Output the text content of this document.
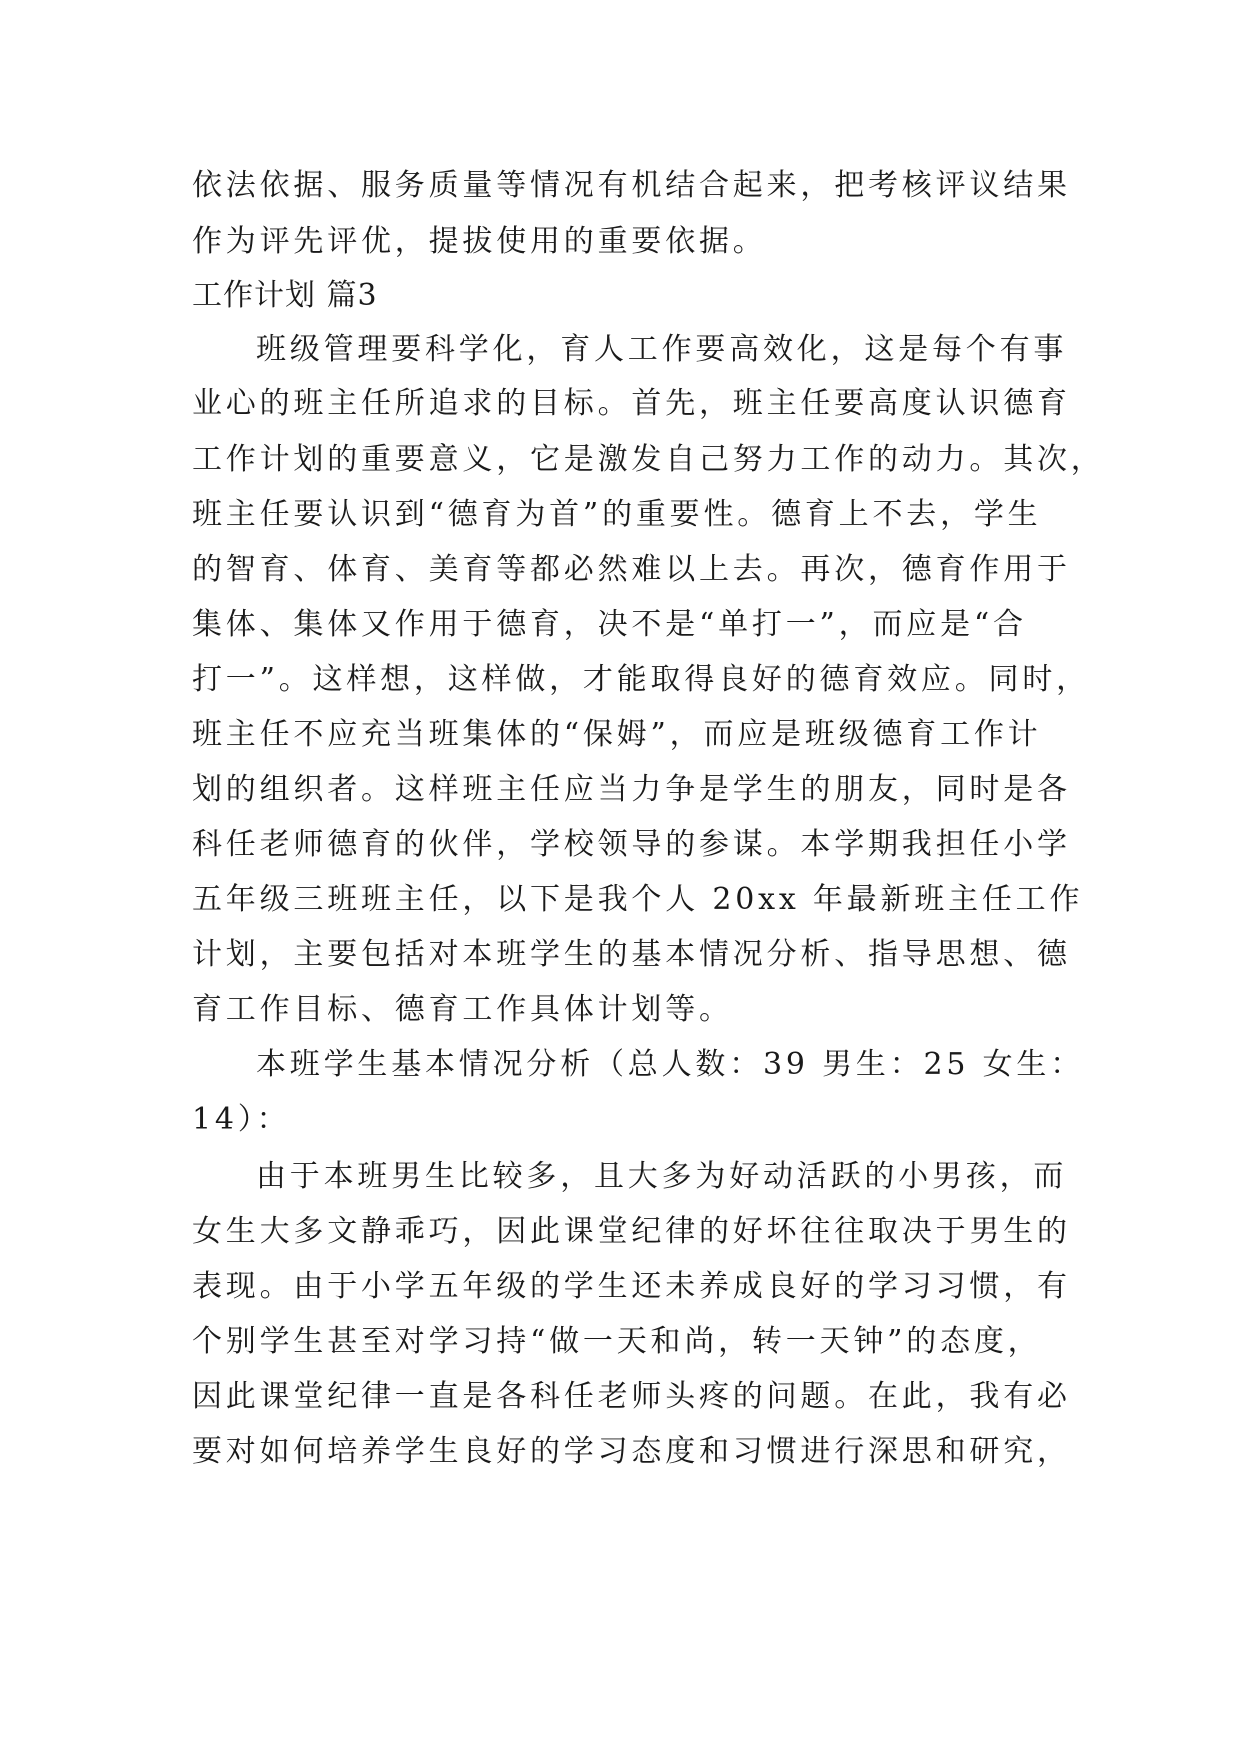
依法依据、服务质量等情况有机结合起来，把考核评议结果
作为评先评优，提拔使用的重要依据。
工作计划 篇3
班级管理要科学化，育人工作要高效化，这是每个有事
业心的班主任所追求的目标。首先，班主任要高度认识德育
工作计划的重要意义，它是激发自己努力工作的动力。其次，
班主任要认识到“德育为首”的重要性。德育上不去，学生
的智育、体育、美育等都必然难以上去。再次，德育作用于
集体、集体又作用于德育，决不是“单打一”，而应是“合
打一”。这样想，这样做，才能取得良好的德育效应。同时，
班主任不应充当班集体的“保姆”，而应是班级德育工作计
划的组织者。这样班主任应当力争是学生的朋友，同时是各
科任老师德育的伙伴，学校领导的参谋。本学期我担任小学
五年级三班班主任，以下是我个人 20xx 年最新班主任工作
计划，主要包括对本班学生的基本情况分析、指导思想、德
育工作目标、德育工作具体计划等。
本班学生基本情况分析（总人数：39 男生：25 女生：
14）：
由于本班男生比较多，且大多为好动活跃的小男孩，而
女生大多文静乖巧，因此课堂纪律的好坏往往取决于男生的
表现。由于小学五年级的学生还未养成良好的学习习惯，有
个别学生甚至对学习持“做一天和尚，转一天钟”的态度，
因此课堂纪律一直是各科任老师头疼的问题。在此，我有必
要对如何培养学生良好的学习态度和习惯进行深思和研究，
